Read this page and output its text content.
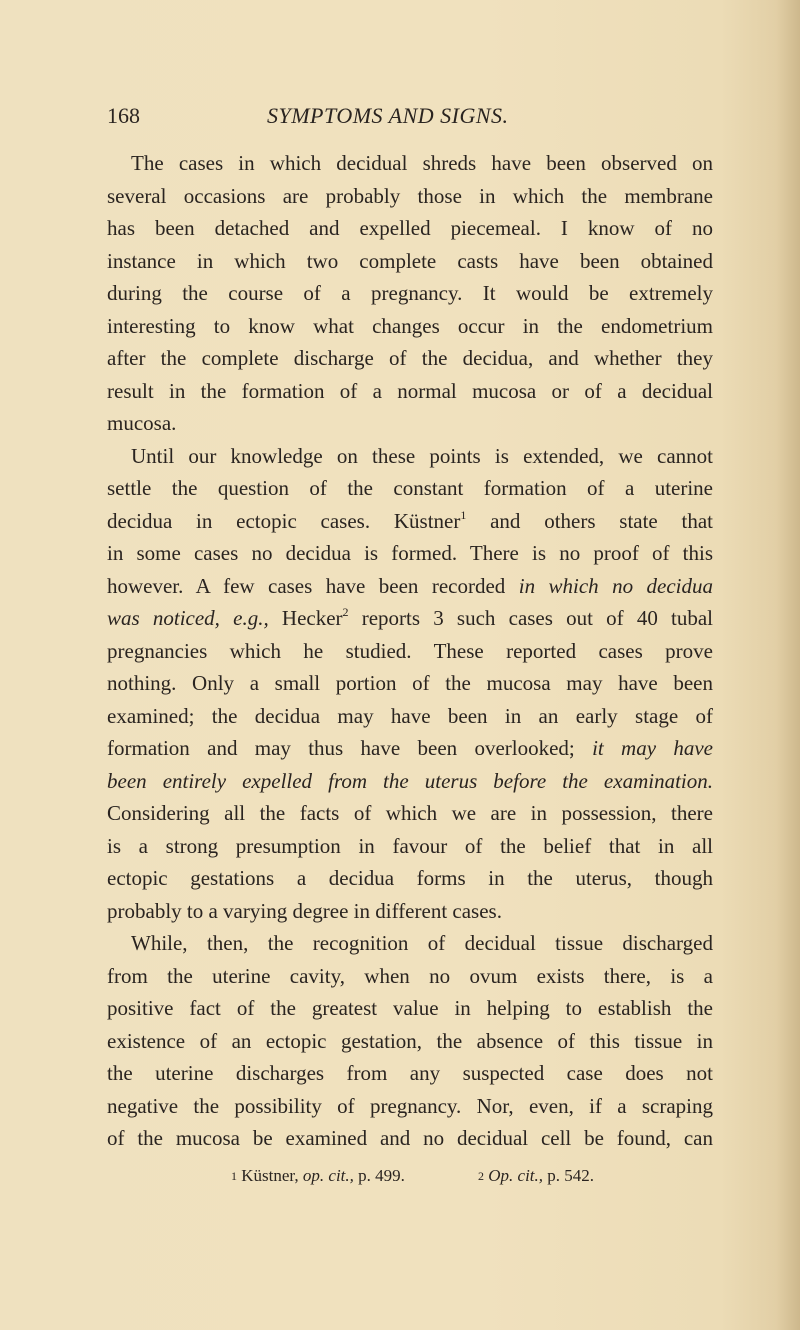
168	SYMPTOMS AND SIGNS.
The cases in which decidual shreds have been observed on
several occasions are probably those in which the membrane
has been detached and expelled piecemeal. I know of no
instance in which two complete casts have been obtained
during the course of a pregnancy. It would be extremely
interesting to know what changes occur in the endometrium
after the complete discharge of the decidua, and whether they
result in the formation of a normal mucosa or of a decidual
mucosa.
Until our knowledge on these points is extended, we cannot
settle the question of the constant formation of a uterine
decidua in ectopic cases. Küstner$^1$ and others state that
in some cases no decidua is formed. There is no proof of this
however. A few cases have been recorded in which no decidua
was noticed, e.g., Hecker$^2$ reports 3 such cases out of 40 tubal
pregnancies which he studied. These reported cases prove
nothing. Only a small portion of the mucosa may have been
examined; the decidua may have been in an early stage of
formation and may thus have been overlooked; it may have
been entirely expelled from the uterus before the examination.
Considering all the facts of which we are in possession, there
is a strong presumption in favour of the belief that in all
ectopic gestations a decidua forms in the uterus, though
probably to a varying degree in different cases.
While, then, the recognition of decidual tissue discharged
from the uterine cavity, when no ovum exists there, is a
positive fact of the greatest value in helping to establish the
existence of an ectopic gestation, the absence of this tissue in
the uterine discharges from any suspected case does not
negative the possibility of pregnancy. Nor, even, if a scraping
of the mucosa be examined and no decidual cell be found, can
$^1$ Küstner, op. cit., p. 499.	$^2$ Op. cit., p. 542.
